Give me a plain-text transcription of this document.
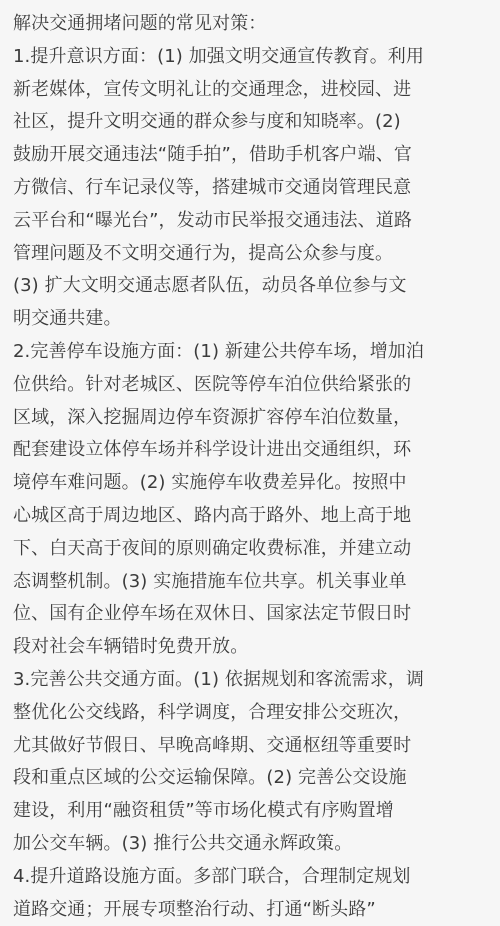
解决交通拥堵问题的常见对策：
1.提升意识方面：(1) 加强文明交通宣传教育。利用
新老媒体，宣传文明礼让的交通理念，进校园、进
社区，提升文明交通的群众参与度和知晓率。(2)
鼓励开展交通违法“随手拍”，借助手机客户端、官
方微信、行车记录仪等，搭建城市交通岗管理民意
云平台和“曝光台”，发动市民举报交通违法、道路
管理问题及不文明交通行为，提高公众参与度。
(3) 扩大文明交通志愿者队伍，动员各单位参与文
明交通共建。
2.完善停车设施方面：(1) 新建公共停车场，增加泊
位供给。针对老城区、医院等停车泊位供给紧张的
区域，深入挖掘周边停车资源扩容停车泊位数量，
配套建设立体停车场并科学设计进出交通组织，环
境停车难问题。(2) 实施停车收费差异化。按照中
心城区高于周边地区、路内高于路外、地上高于地
下、白天高于夜间的原则确定收费标准，并建立动
态调整机制。(3) 实施措施车位共享。机关事业单
位、国有企业停车场在双休日、国家法定节假日时
段对社会车辆错时免费开放。
3.完善公共交通方面。(1) 依据规划和客流需求，调
整优化公交线路，科学调度，合理安排公交班次，
尤其做好节假日、早晚高峰期、交通枢纽等重要时
段和重点区域的公交运输保障。(2) 完善公交设施
建设，利用“融资租赁”等市场化模式有序购置增
加公交车辆。(3) 推行公共交通永辉政策。
4.提升道路设施方面。多部门联合，合理制定规划
道路交通；开展专项整治行动、打通“断头路”
